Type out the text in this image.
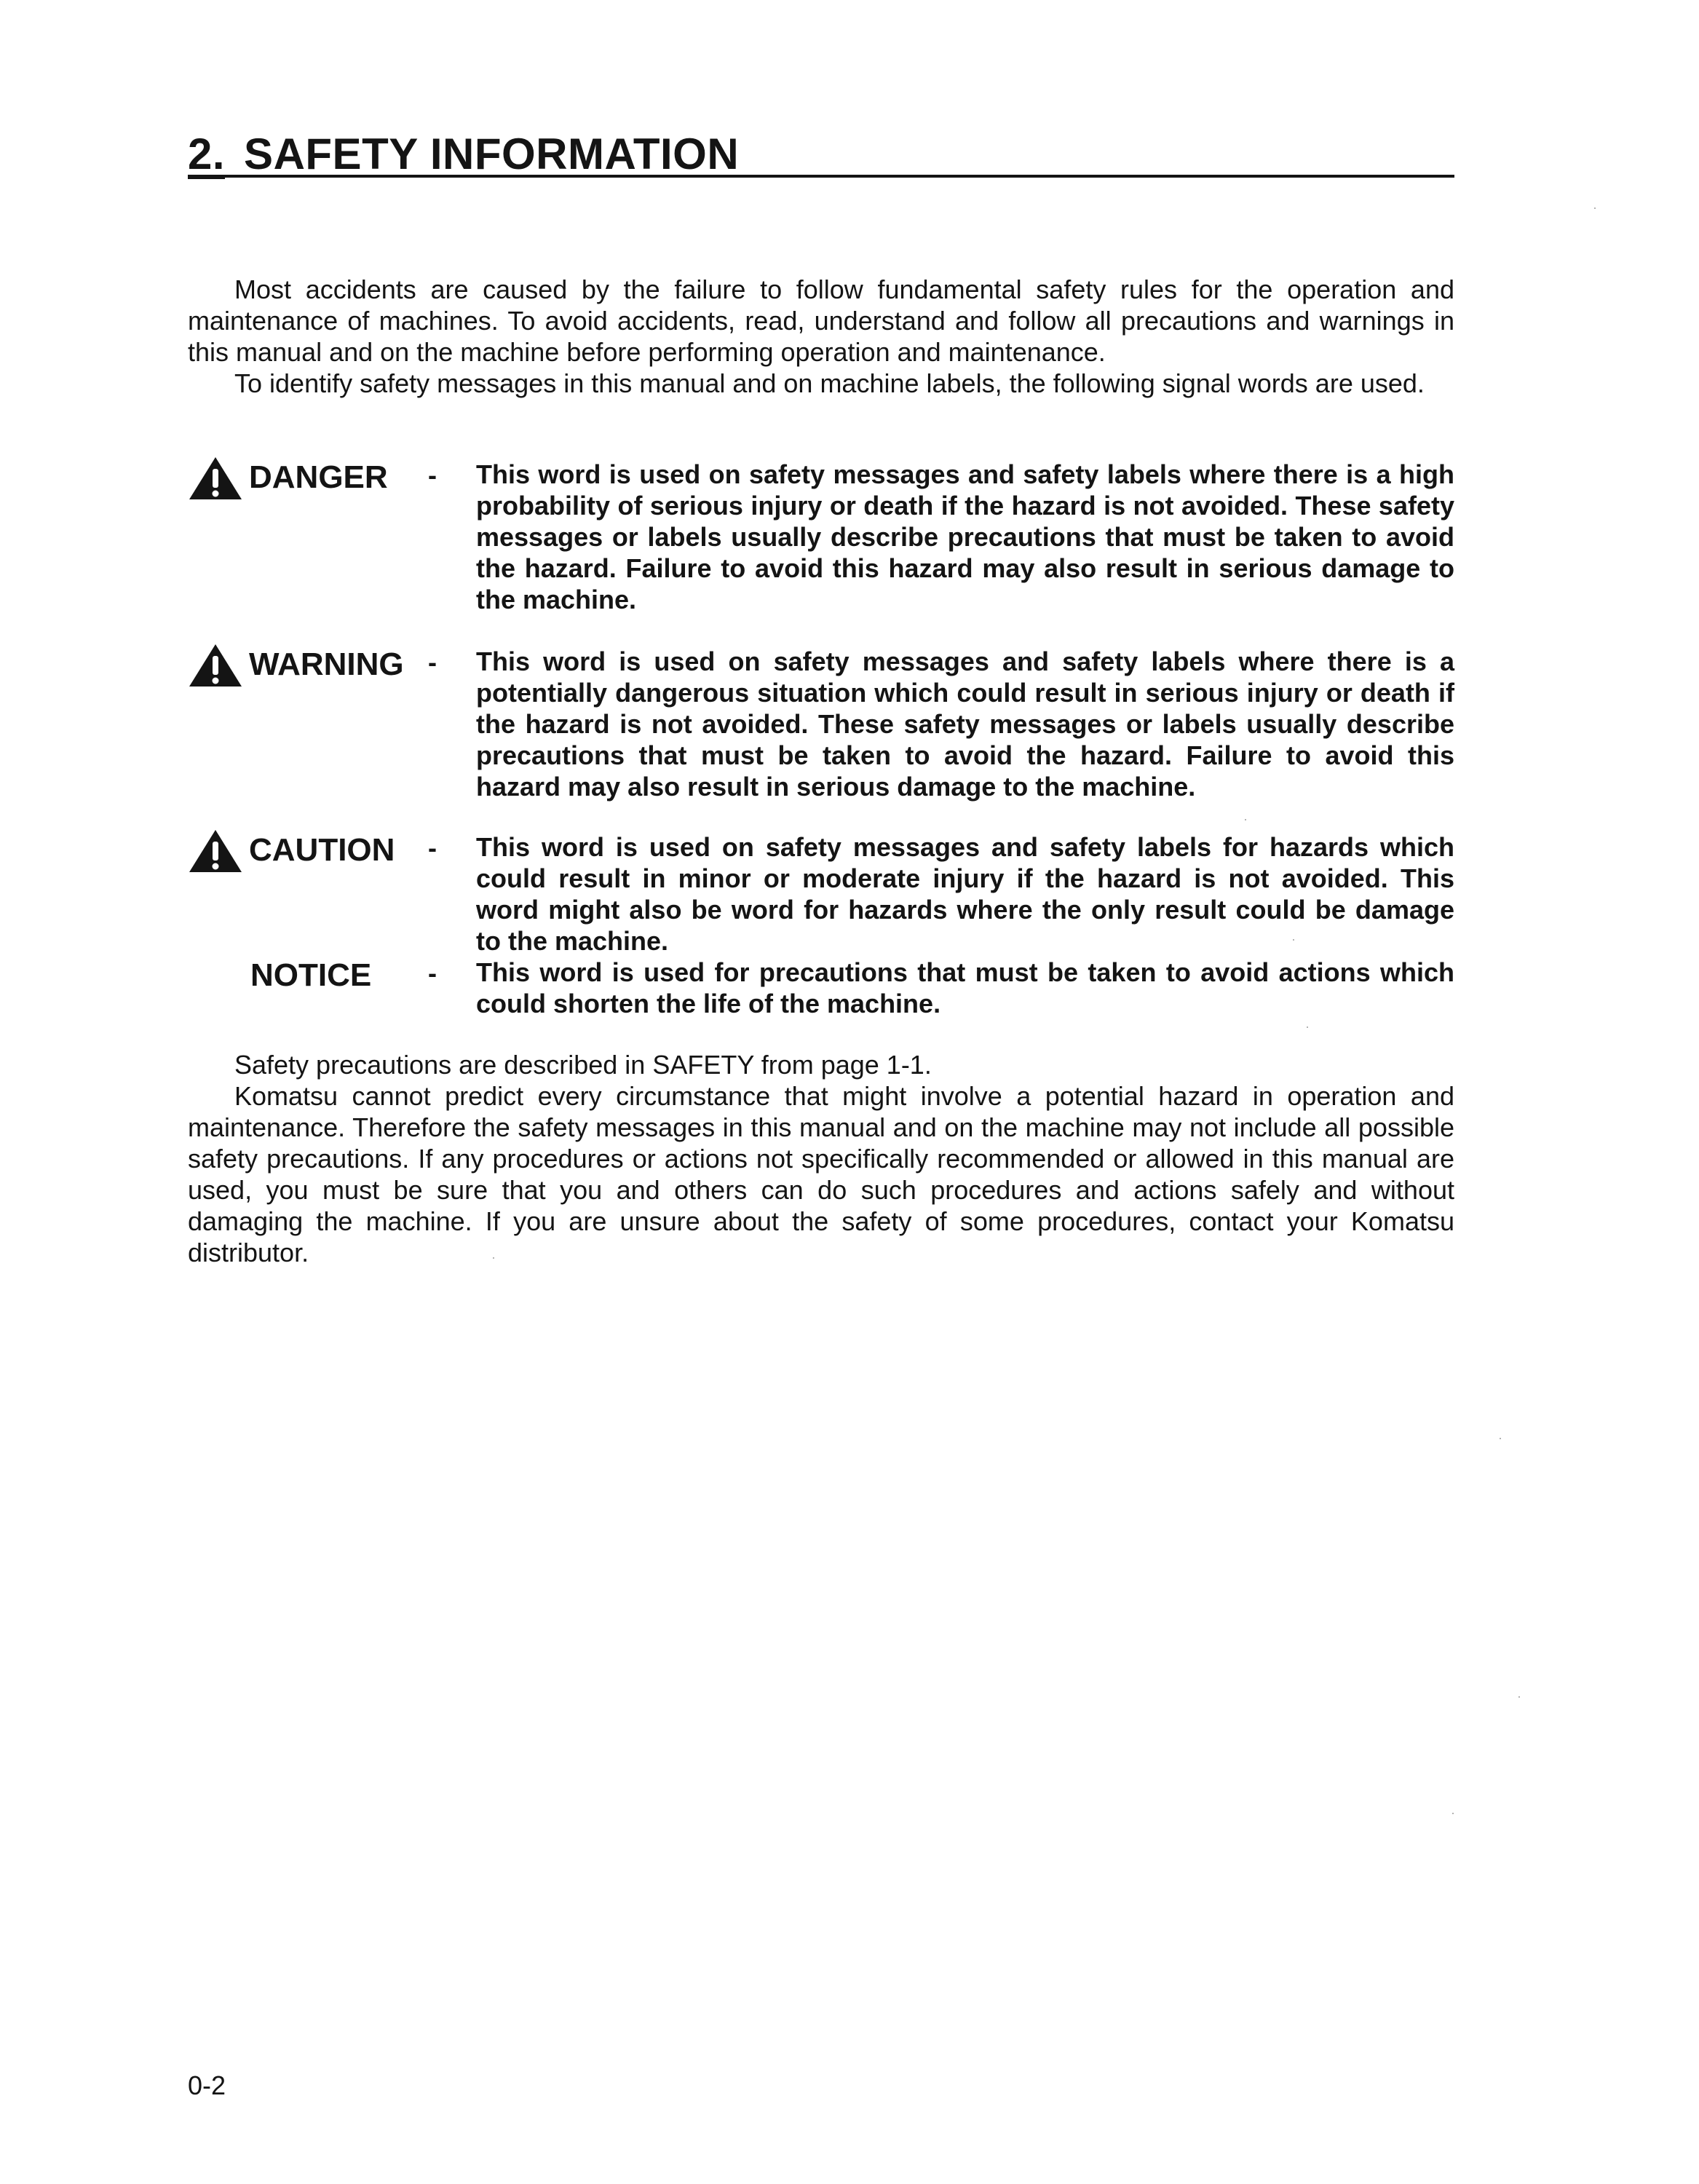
2. SAFETY INFORMATION

Most accidents are caused by the failure to follow fundamental safety rules for the operation and maintenance of machines. To avoid accidents, read, understand and follow all precautions and warnings in this manual and on the machine before performing operation and maintenance.

To identify safety messages in this manual and on machine labels, the following signal words are used.

DANGER - This word is used on safety messages and safety labels where there is a high probability of serious injury or death if the hazard is not avoided. These safety messages or labels usually describe precautions that must be taken to avoid the hazard. Failure to avoid this hazard may also result in serious damage to the machine.

WARNING - This word is used on safety messages and safety labels where there is a potentially dangerous situation which could result in serious injury or death if the hazard is not avoided. These safety messages or labels usually describe precautions that must be taken to avoid the hazard. Failure to avoid this hazard may also result in serious damage to the machine.

CAUTION - This word is used on safety messages and safety labels for hazards which could result in minor or moderate injury if the hazard is not avoided. This word might also be word for hazards where the only result could be damage to the machine.

NOTICE - This word is used for precautions that must be taken to avoid actions which could shorten the life of the machine.

Safety precautions are described in SAFETY from page 1-1.

Komatsu cannot predict every circumstance that might involve a potential hazard in operation and maintenance. Therefore the safety messages in this manual and on the machine may not include all possible safety precautions. If any procedures or actions not specifically recommended or allowed in this manual are used, you must be sure that you and others can do such procedures and actions safely and without damaging the machine. If you are unsure about the safety of some procedures, contact your Komatsu distributor.

0-2
